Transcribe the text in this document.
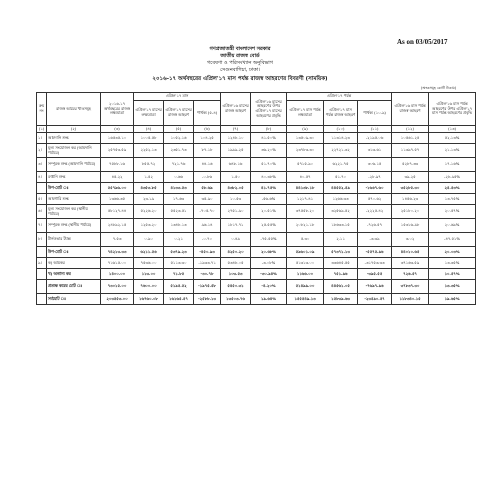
As on 03/05/2017
গণপ্রজাতন্ত্রী বাংলাদেশ সরকার
জাতীয় রাজস্ব বোর্ড
গবেষণা ও পরিসংখ্যান অনুবিভাগ
সেগুনবাগিচা, ঢাকা।
২০১৬-১৭ অর্থবছরের এপ্রিল'১৭ মাস পর্যন্ত রাজস্ব আহরণের বিবরণী (সাময়িক)
(অংকসমূহ কোটি টাকায়)
ক্রম নং	রাজস্ব আয়ের খাতসমূহ	২০১৬-১৭ অর্থবছরের রাজস্ব লক্ষ্যমাত্রা	এপ্রিল'১৭ মাস			এপ্রিল'১৬ মাসের রাজস্ব আহরণ	এপ্রিল'১৬ মাসের আহরণের উপর এপ্রিল'১৭ মাসের আহরণের প্রবৃদ্ধি	এপ্রিল'১৭ পর্যন্ত			এপ্রিল'১৬ মাস পর্যন্ত রাজস্ব আহরণ	এপ্রিল'১৬ মাস পর্যন্ত আহরণের উপর এপ্রিল'১৭ মাস পর্যন্ত আহরণের প্রবৃদ্ধি
			এপ্রিল'১৭ মাসের লক্ষ্যমাত্রা	এপ্রিল'১৭ মাসের রাজস্ব আহরণ	পার্থক্য (৫-৪)			এপ্রিল'১৭ মাস পর্যন্ত লক্ষ্যমাত্রা	এপ্রিল'১৭ মাস পর্যন্ত রাজস্ব আহরণ	পার্থক্য (১০-৯)		
(১)	(২)	(৩)	(৪)	(৫)	(৬)	(৭)	(৮)	(৯)	(১০)	(১১)	(১২)	(১৩)
১।	আমদানি শুল্ক	১৬৫৩৫.১০	১০০৫.৫৮	১০৫২.১৬	১০৪.২৫	১২৪৮.১০	৪১.৫০%	১৩৫০৯.৩০	১১৩১৪.২৩	-২১৯৫.০৬	১০৫৬১.২৫	৫২.১৩%
২।	মূল্য সংযোজন কর (আমদানি পর্যায়ে)	২৫৭৫৩.৫৯	২২৫২.১৩	২৩৫১.৭৩	৮৭.১৮	১৯৯৯.২৫	৩৬.২০%	২৩৭৮৩.৩০	২২৭২১.৩২	৩১৩.৬১	১১৩৯৭.৫৭	২১.১৩%
৩।	সম্পূরক শুল্ক (আমদানি পর্যায়ে)	৭৫৮৮.১৬	৮৫৫.৭২	৭২১.৭৬	৪৪.১৬	৬৪৮.১৬	৫১.৭০%	৫৭১৫.৯০	৬২২১.৭৫	৩০৬.১৫	৫২৮৭.৩৩	১৭.১৬%
৪।	রপ্তানি শুল্ক	৪৫.২২	১.৫২	০.৬৬	-০.৮৬	১.৫০	৪০.৩৮%	৪০.৫৭	৫১.৭০	-২৮.৯৭	৩৯.২৫	-২৮.৯৫%
	উপ-মোট ঃ	৫৫৭৯৬.০০	৪৩৫৩.৮৫	৪১৩৩.৫৩	৫৮.৬৯	৪৩৮২.০৫	৪১.৭৫%	৪৪১৩৮.১৮	৪৪৫৫২.৫৯	-১৬৬৭.৬০	৩৫২৮৫.৩০	২৫.৫৩%
৫।	আবগারি শুল্ক	১৩৬৬.৩৫	২৩.১৯	১৭.৬৩	৩৫.৯০	১০.৫৩	-৫৬.৬%	১২১৭.৪১	১২৬৬.৩৩	৫৭০.৬২	১৪৫৬.২৩	১৩.৭৫%
৬।	মূল্য সংযোজন কর (স্থানীয় পর্যায়ে)	৫৮১২৭.৪৪	৫২২৬.২০	৫৫২৩.৫১	-৭০৫.৭০	২৭৫১.৯০	২০.৫১%	৩৭৫৫৮.২০	৩২৫৬৯.৫২	-২২২৫.৪২	২৫১৮০.২০	২০.৫৭%
৭।	সম্পূরক শুল্ক (স্থানীয় পর্যায়ে)	২৪৮৯২.১৫	১২৫৩.২০	১৩৪৮.১৩	৯৬.১৪	১৮১৭.৭১	২৫.৫৫%	২০৮২১.১৮	১৮৬৩৩.১৫	-৭২৬.৫৭	১৫৩১৬.৯৮	২০.৬৯%
৮।	টার্নওভার ট্যাক্স	৭.৫৩	০.৯০	০.২১	-০.৭০	০.৪৯	-৭৫.৫৫%	৫.৩০	২.১১	-৩.৩৯	৩.০২	-৪৭.৫১%
	উপ-মোট ঃ	৭৪২১৩.৩৩	৬২১১.৫৬	৫৩৭৯.২৩	-৪৫০.৯৩	৪২৫০.২০	২০.৬৮%	৫৯৬০১.০৯	৫৭৩৭১.১৩	-৫৫৭৫.৯৬	৪৪০১০.৬৫	২০.০৩%
৯।	ক) আয়কর	৭১৬১৫.০০	৭৫৩৬.০০	৫১১৩.৩০	-১৯৩৩.৭১	৫৩৪৮.০৫	-৩.০৮%	৫১৩১৩.০০	৩৩৬৪৫.৫৫	-৩১৭৫৩.৩৩	৩৭১৬৩.৫৯	১৩.৩৫%
	খ) অন্যান্য কর	১৪০০.০০	১১৩.০০	৭১.৮৫	-৩০.৭৮	১০৩.৫৩	-৩০.৯৪%	১১৬৬.০০	৭৫১.৯৬	-৩৯৫.৫৫	৭২৬.৫৭	১০.৫৭%
	প্রত্যক্ষ করের মোট ঃ	৭৩০১৫.০০	৭৬০০.০০	৫১৯৫.৫২	-১৯৭৫.৫৮	৫৪৫০.৩১	-৪.২০%	৫১৪৯৯.০০	৪৪৫৬১.০৫	-৭৬৯৭.৯৬	৩৭৮৩৭.৩০	১৩.৩৫%
	সর্বমোট ঃ	২০৩৫৫৩.০০	১৬৭৬০.০৮	১৬১৬৫.৫৭	-২৫৮৮.১৩	১৩৫০৩.৭৬	১৯.৬৪%	১৫৫৫৪৯.১৩	১৫৮৩৯.৬৩	-২৩৫৯০.৫৭	১১৮৩৪০.১৫	১৯.৬৫%
